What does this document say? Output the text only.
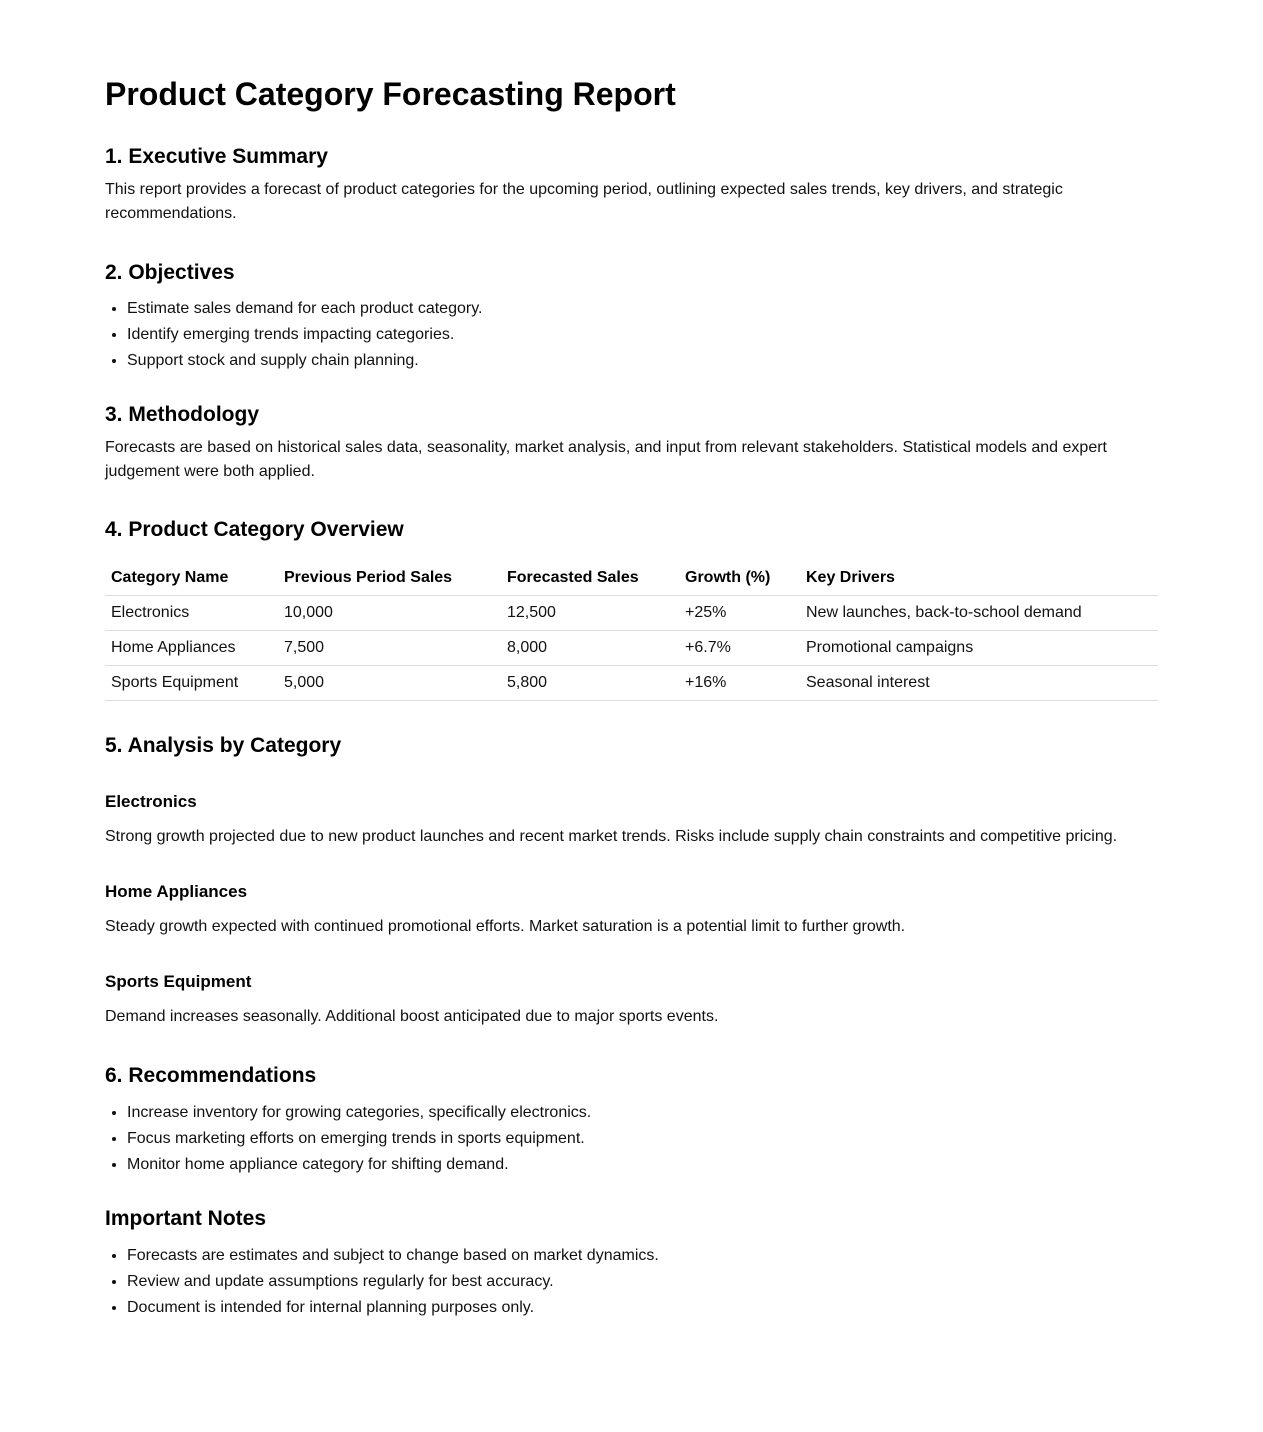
Product Category Forecasting Report
1. Executive Summary

This report provides a forecast of product categories for the upcoming period, outlining expected sales trends, key drivers, and strategic recommendations.

2. Objectives
• Estimate sales demand for each product category.
• Identify emerging trends impacting categories.
• Support stock and supply chain planning.
3. Methodology

Forecasts are based on historical sales data, seasonality, market analysis, and input from relevant stakeholders. Statistical models and expert judgement were both applied.

4. Product Category Overview
Category Name	Previous Period Sales	Forecasted Sales	Growth (%)	Key Drivers
Electronics	10,000	12,500	+25%	New launches, back-to-school demand
Home Appliances	7,500	8,000	+6.7%	Promotional campaigns
Sports Equipment	5,000	5,800	+16%	Seasonal interest
5. Analysis by Category
Electronics

Strong growth projected due to new product launches and recent market trends. Risks include supply chain constraints and competitive pricing.

Home Appliances

Steady growth expected with continued promotional efforts. Market saturation is a potential limit to further growth.

Sports Equipment

Demand increases seasonally. Additional boost anticipated due to major sports events.

6. Recommendations
• Increase inventory for growing categories, specifically electronics.
• Focus marketing efforts on emerging trends in sports equipment.
• Monitor home appliance category for shifting demand.
Important Notes
• Forecasts are estimates and subject to change based on market dynamics.
• Review and update assumptions regularly for best accuracy.
• Document is intended for internal planning purposes only.
